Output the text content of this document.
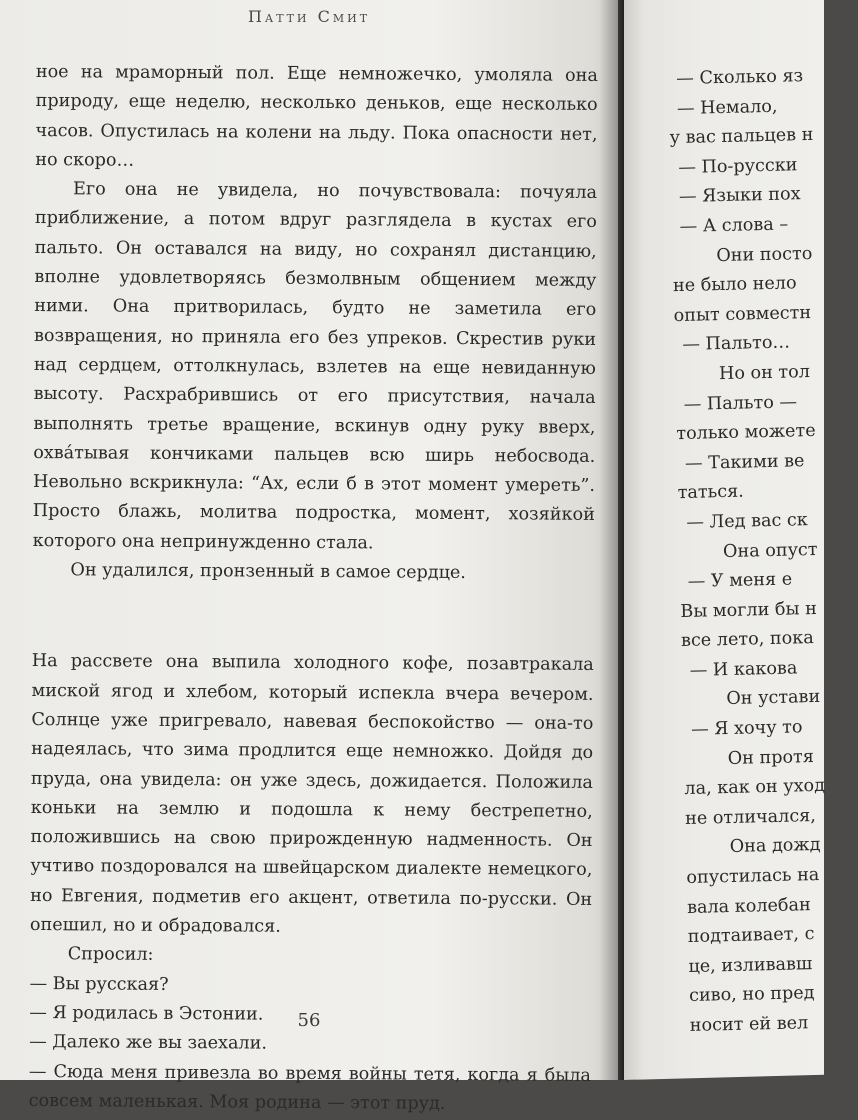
Патти Смит

ное на мраморный пол. Еще немножечко, умоляла она природу, еще неделю, несколько деньков, еще несколько часов. Опустилась на колени на льду. Пока опасности нет, но скоро…

Его она не увидела, но почувствовала: почуяла приближение, а потом вдруг разглядела в кустах его пальто. Он оставался на виду, но сохранял дистанцию, вполне удовлетворяясь безмолвным общением между ними. Она притворилась, будто не заметила его возвращения, но приняла его без упреков. Скрестив руки над сердцем, оттолкнулась, взлетев на еще невиданную высоту. Расхрабрившись от его присутствия, начала выполнять третье вращение, вскинув одну руку вверх, охвáтывая кончиками пальцев всю ширь небосвода. Невольно вскрикнула: “Ах, если б в этот момент умереть”. Просто блажь, молитва подростка, момент, хозяйкой которого она непринужденно стала.

Он удалился, пронзенный в самое сердце.

На рассвете она выпила холодного кофе, позавтракала миской ягод и хлебом, который испекла вчера вечером. Солнце уже пригревало, навевая беспокойство — она-то надеялась, что зима продлится еще немножко. Дойдя до пруда, она увидела: он уже здесь, дожидается. Положила коньки на землю и подошла к нему бестрепетно, положившись на свою прирожденную надменность. Он учтиво поздоровался на швейцарском диалекте немецкого, но Евгения, подметив его акцент, ответила по-русски. Он опешил, но и обрадовался.

Спросил:

— Вы русская?

— Я родилась в Эстонии.

— Далеко же вы заехали.

— Сюда меня привезла во время войны тетя, когда я была совсем маленькая. Моя родина — этот пруд.

56
— Сколько яз
— Немало,
у вас пальцев н
— По-русски
— Языки пох
— А слова –
Они посто
не было нело
опыт совместн
— Пальто…
Но он тол
— Пальто —
только можете
— Такими ве
таться.
— Лед вас ск
Она опуст
— У меня е
Вы могли бы н
все лето, пока
— И какова
Он устави
— Я хочу то
Он протя
ла, как он уход
не отличался,
Она дожд
опустилась на
вала колебан
подтаивает, с
це, изливавш
сиво, но пред
носит ей вел
